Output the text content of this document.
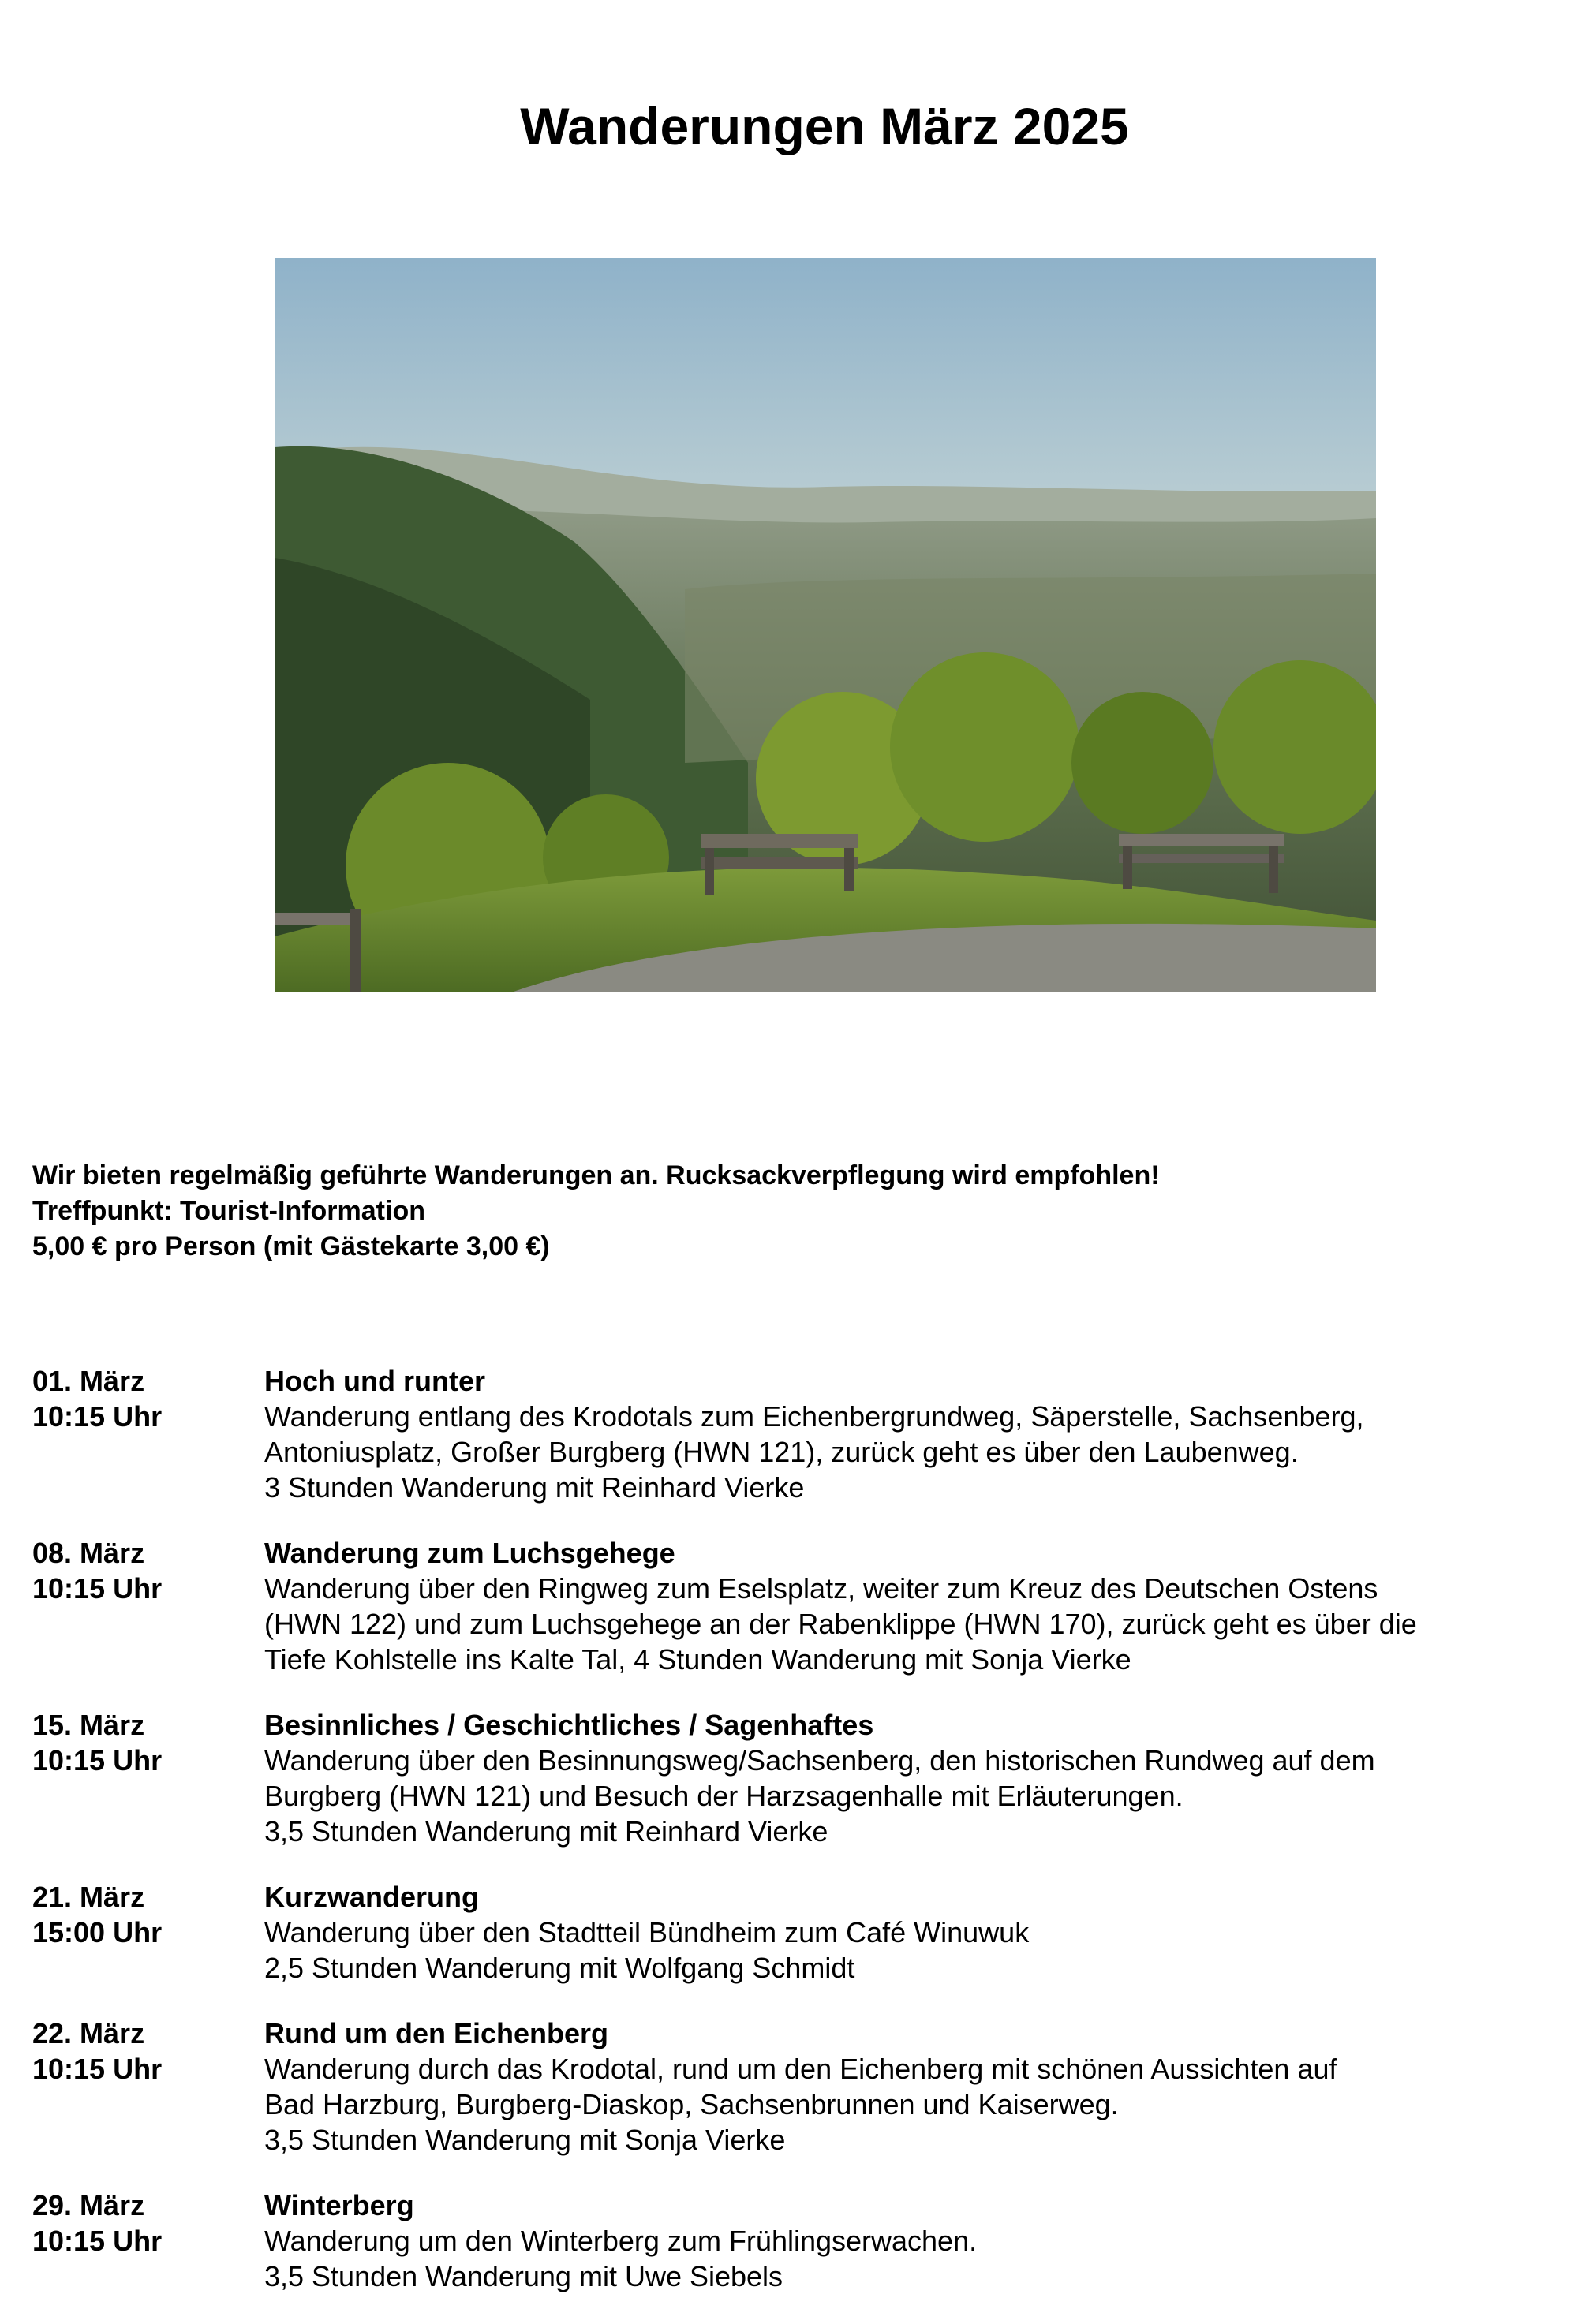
Wanderungen März 2025
Wir bieten regelmäßig geführte Wanderungen an. Rucksackverpflegung wird empfohlen!
Treffpunkt: Tourist-Information
5,00 € pro Person (mit Gästekarte 3,00 €)
01. März
10:15 Uhr
Hoch und runter
Wanderung entlang des Krodotals zum Eichenbergrundweg, Säperstelle, Sachsenberg,
Antoniusplatz, Großer Burgberg (HWN 121), zurück geht es über den Laubenweg.
3 Stunden Wanderung mit Reinhard Vierke
08. März
10:15 Uhr
Wanderung zum Luchsgehege
Wanderung über den Ringweg zum Eselsplatz, weiter zum Kreuz des Deutschen Ostens
(HWN 122) und zum Luchsgehege an der Rabenklippe (HWN 170), zurück geht es über die
Tiefe Kohlstelle ins Kalte Tal, 4 Stunden Wanderung mit Sonja Vierke
15. März
10:15 Uhr
Besinnliches / Geschichtliches / Sagenhaftes
Wanderung über den Besinnungsweg/Sachsenberg, den historischen Rundweg auf dem
Burgberg (HWN 121) und Besuch der Harzsagenhalle mit Erläuterungen.
3,5 Stunden Wanderung mit Reinhard Vierke
21. März
15:00 Uhr
Kurzwanderung
Wanderung über den Stadtteil Bündheim zum Café Winuwuk
2,5 Stunden Wanderung mit Wolfgang Schmidt
22. März
10:15 Uhr
Rund um den Eichenberg
Wanderung durch das Krodotal, rund um den Eichenberg mit schönen Aussichten auf
Bad Harzburg, Burgberg-Diaskop, Sachsenbrunnen und Kaiserweg.
3,5 Stunden Wanderung mit Sonja Vierke
29. März
10:15 Uhr
Winterberg
Wanderung um den Winterberg zum Frühlingserwachen.
3,5 Stunden Wanderung mit Uwe Siebels
